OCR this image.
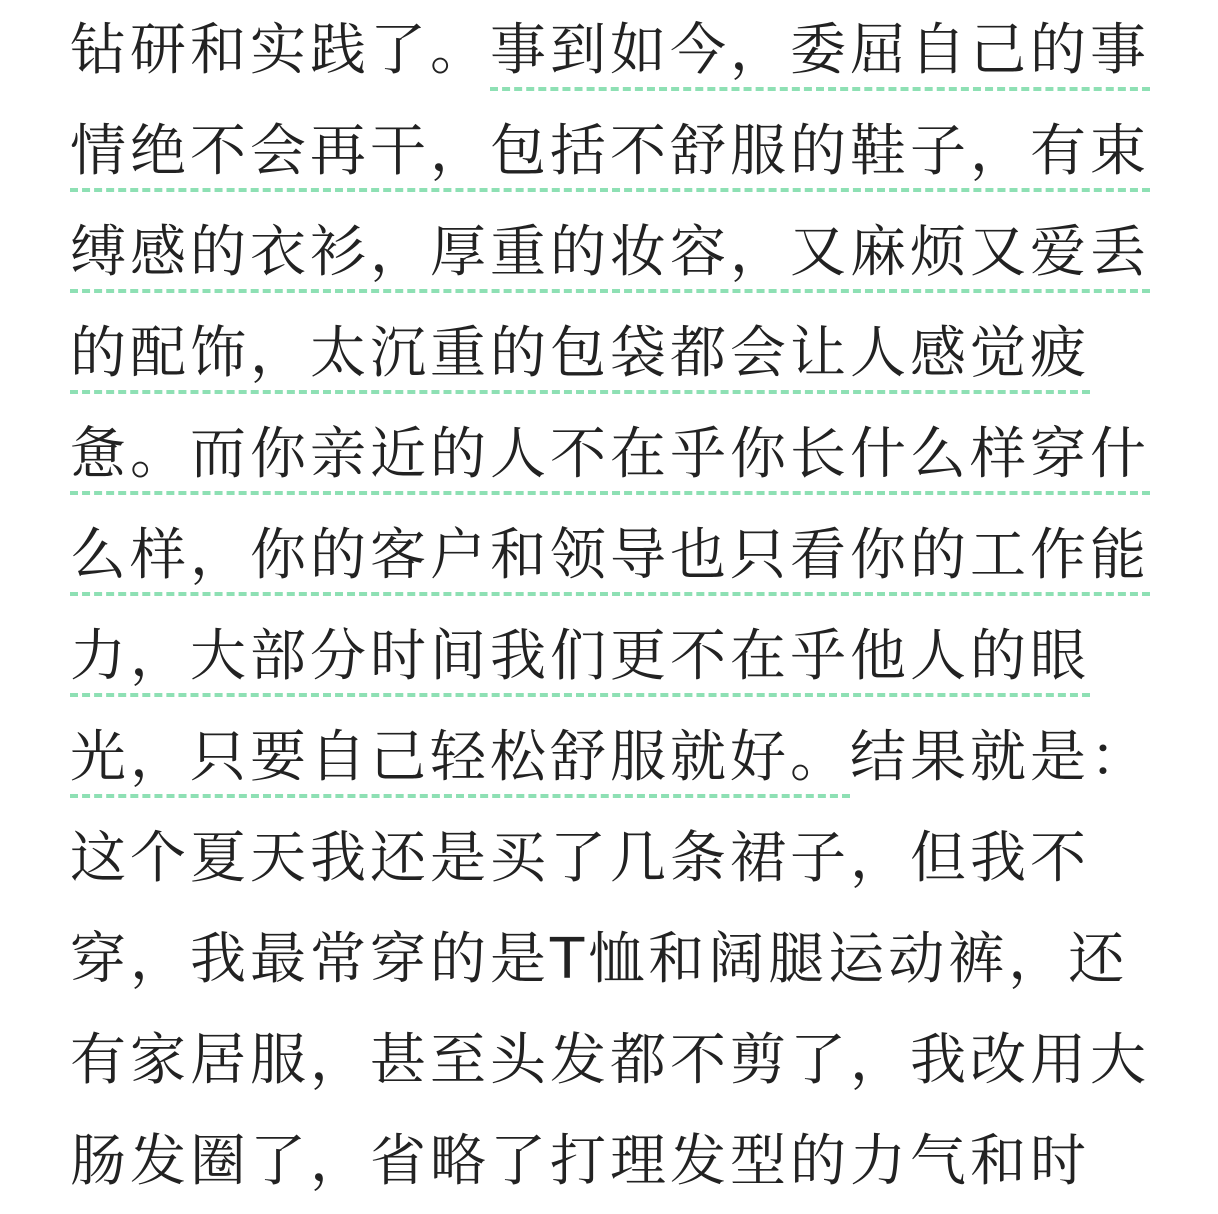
钻研和实践了。事到如今，委屈自己的事
情绝不会再干，包括不舒服的鞋子，有束
缚感的衣衫，厚重的妆容，又麻烦又爱丢
的配饰，太沉重的包袋都会让人感觉疲
惫。而你亲近的人不在乎你长什么样穿什
么样，你的客户和领导也只看你的工作能
力，大部分时间我们更不在乎他人的眼
光，只要自己轻松舒服就好。结果就是：
这个夏天我还是买了几条裙子，但我不
穿，我最常穿的是T恤和阔腿运动裤，还
有家居服，甚至头发都不剪了，我改用大
肠发圈了，省略了打理发型的力气和时
